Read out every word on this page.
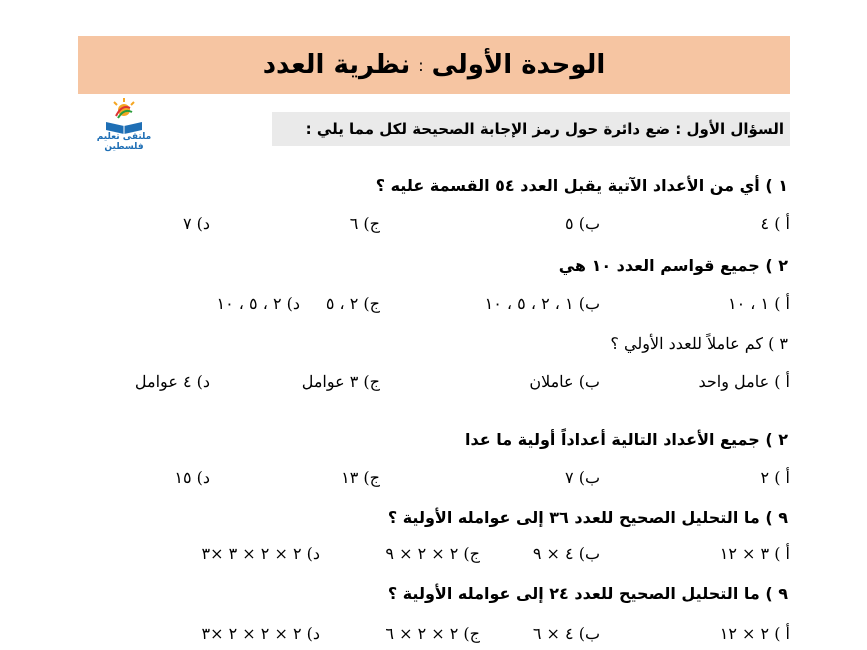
الوحدة الأولى
:
نظرية العدد
ملتقى تعليم فلسطين
السؤال الأول : ضع دائرة حول رمز الإجابة الصحيحة لكل مما يلي :
١ ) أي من الأعداد الآتية يقبل العدد ٥٤ القسمة عليه ؟
أ ) ٤
ب) ٥
ج) ٦
د) ٧
٢ ) جميع قواسم العدد ١٠ هي
أ ) ١ ، ١٠
ب) ١ ، ٢ ، ٥ ، ١٠
ج) ٢ ، ٥
د) ٢ ، ٥ ، ١٠
٣ ) كم عاملاً للعدد الأولي ؟
أ ) عامل واحد
ب) عاملان
ج) ٣ عوامل
د) ٤ عوامل
٢ ) جميع الأعداد التالية أعداداً أولية ما عدا
أ ) ٢
ب) ٧
ج) ١٣
د) ١٥
٩ ) ما التحليل الصحيح للعدد ٣٦ إلى عوامله الأولية ؟
أ ) ٣ × ١٢
ب) ٤ × ٩
ج) ٢ × ٢ × ٩
د) ٢ × ٢ × ٣ ×٣
٩ ) ما التحليل الصحيح للعدد ٢٤ إلى عوامله الأولية ؟
أ ) ٢ × ١٢
ب) ٤ × ٦
ج) ٢ × ٢ × ٦
د) ٢ × ٢ × ٢ ×٣
